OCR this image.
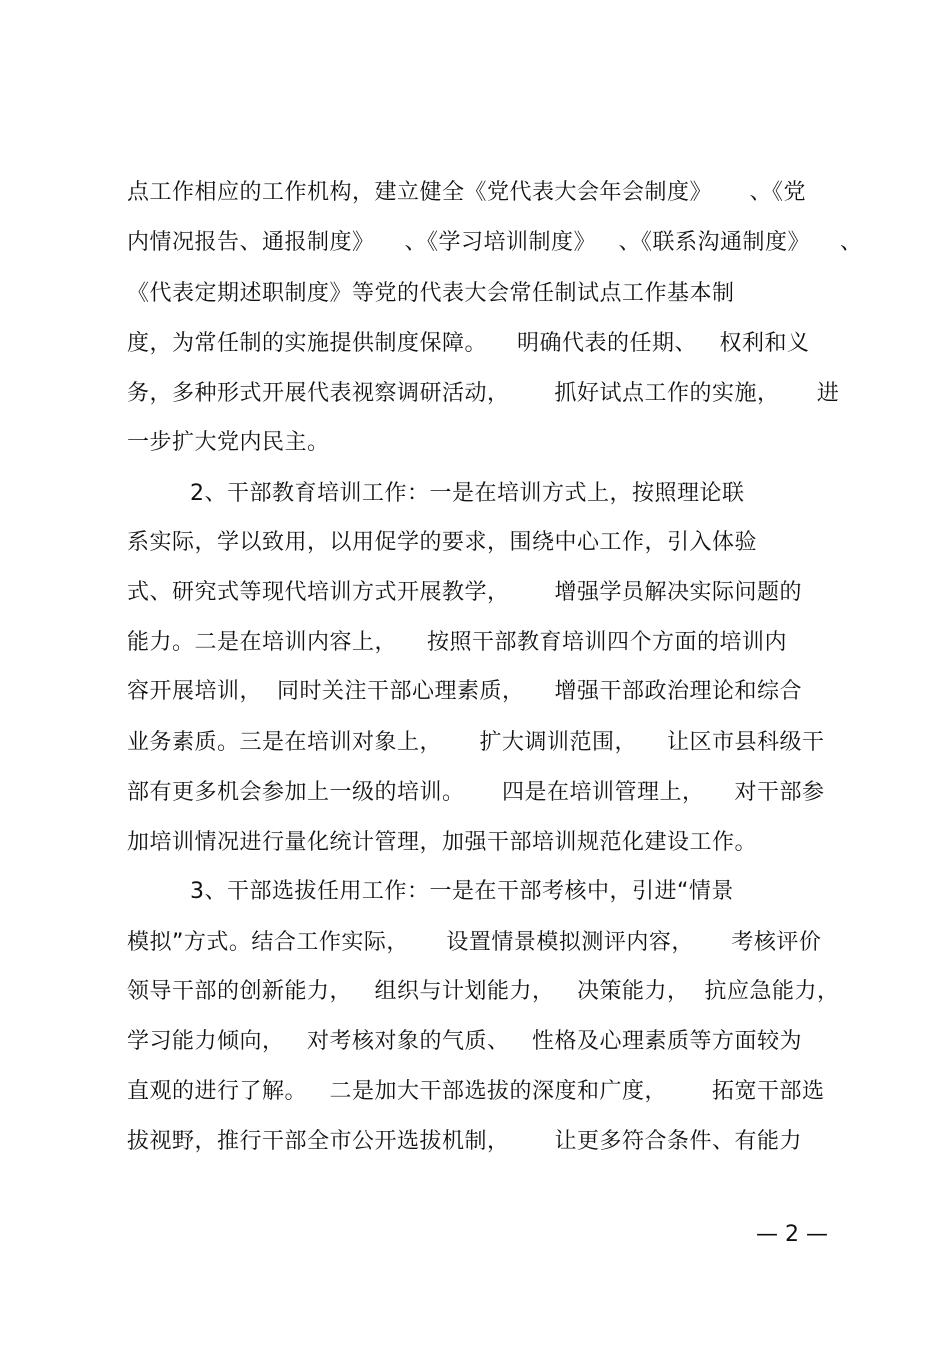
点工作相应的工作机构，建立健全《党代表大会年会制度》     、《党
内情况报告、通报制度》    、《学习培训制度》   、《联系沟通制度》    、
《代表定期述职制度》等党的代表大会常任制试点工作基本制
度，为常任制的实施提供制度保障。    明确代表的任期、   权利和义
务，多种形式开展代表视察调研活动，      抓好试点工作的实施，     进
一步扩大党内民主。
2、干部教育培训工作：一是在培训方式上，按照理论联
系实际，学以致用，以用促学的要求，围绕中心工作，引入体验
式、研究式等现代培训方式开展教学，      增强学员解决实际问题的
能力。二是在培训内容上，    按照干部教育培训四个方面的培训内
容开展培训，  同时关注干部心理素质，    增强干部政治理论和综合
业务素质。三是在培训对象上，     扩大调训范围，    让区市县科级干
部有更多机会参加上一级的培训。     四是在培训管理上，    对干部参
加培训情况进行量化统计管理，加强干部培训规范化建设工作。
3、干部选拔任用工作：一是在干部考核中，引进“情景
模拟”方式。结合工作实际，     设置情景模拟测评内容，     考核评价
领导干部的创新能力，   组织与计划能力，   决策能力，  抗应急能力，
学习能力倾向，   对考核对象的气质、   性格及心理素质等方面较为
直观的进行了解。   二是加大干部选拔的深度和广度，      拓宽干部选
拔视野，推行干部全市公开选拔机制，      让更多符合条件、有能力
— 2 —
